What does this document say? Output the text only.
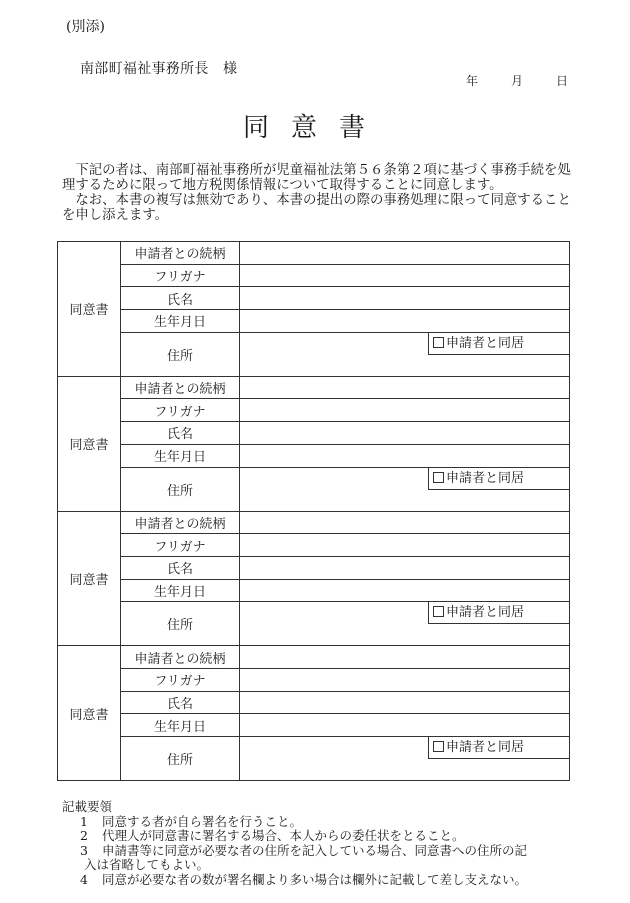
(別添)
南部町福祉事務所長　様
年	月	日
同意書

下記の者は、南部町福祉事務所が児童福祉法第５６条第２項に基づく事務手続を処理するために限って地方税関係情報について取得することに同意します。

なお、本書の複写は無効であり、本書の提出の際の事務処理に限って同意することを申し添えます。

同意書	申請者との続柄	
	フリガナ	
	氏名	
	生年月日	
	住所	申請者と同居

同意書	申請者との続柄	
	フリガナ	
	氏名	
	生年月日	
	住所	申請者と同居

同意書	申請者との続柄	
	フリガナ	
	氏名	
	生年月日	
	住所	申請者と同居

同意書	申請者との続柄	
	フリガナ	
	氏名	
	生年月日	
	住所	申請者と同居

記載要領

1 同意する者が自ら署名を行うこと。
2 代理人が同意書に署名する場合、本人からの委任状をとること。
3 申請書等に同意が必要な者の住所を記入している場合、同意書への住所の記
入は省略してもよい。
4 同意が必要な者の数が署名欄より多い場合は欄外に記載して差し支えない。
